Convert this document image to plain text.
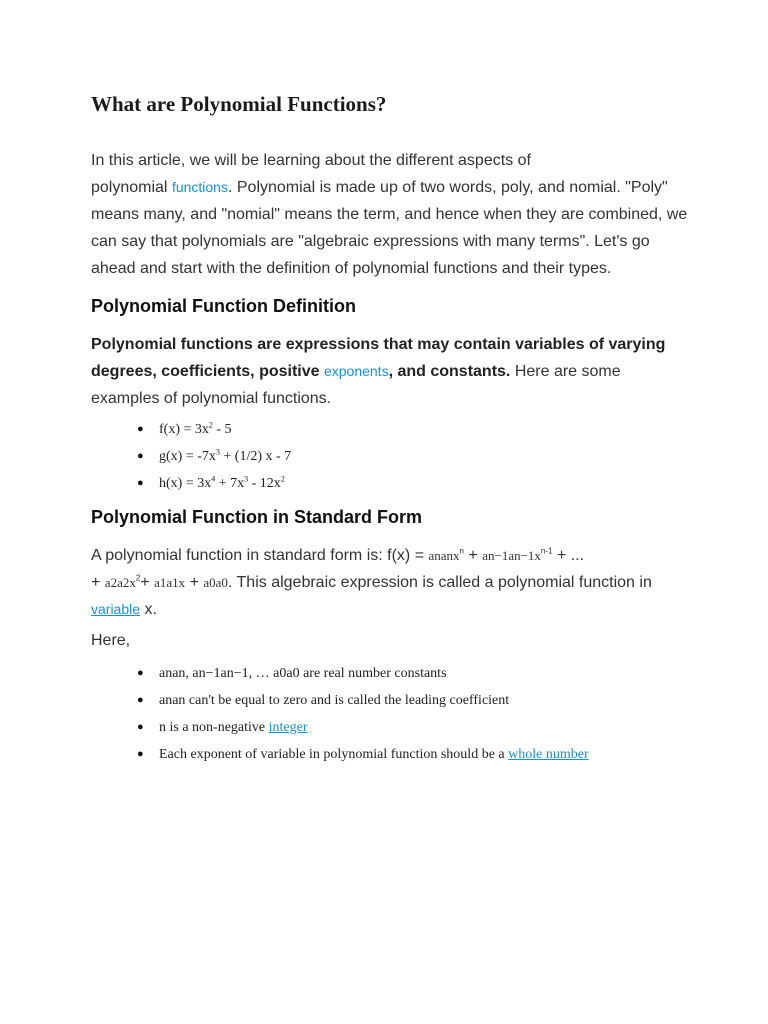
What are Polynomial Functions?

In this article, we will be learning about the different aspects of
polynomial functions. Polynomial is made up of two words, poly, and nomial. "Poly" means many, and "nomial" means the term, and hence when they are combined, we can say that polynomials are "algebraic expressions with many terms". Let's go ahead and start with the definition of polynomial functions and their types.

Polynomial Function Definition

Polynomial functions are expressions that may contain variables of varying degrees, coefficients, positive exponents, and constants. Here are some examples of polynomial functions.

● $f(x) = 3x^2 - 5$
● $g(x) = -7x^3 + (1/2)$ x - 7
● $h(x) = 3x^4 + 7x^3 - 12x^2$
Polynomial Function in Standard Form

A polynomial function in standard form is: f(x) = ananx$^n$ + $an-1an-1x^{n-1}$ + ...
+ $a2a2x^2+ a1a1x + a0a0$. This algebraic expression is called a polynomial function in variable x.

Here,

● anan, an−1an−1, … a0a0 are real number constants
● anan can't be equal to zero and is called the leading coefficient
● n is a non-negative integer
● Each exponent of variable in polynomial function should be a whole number
